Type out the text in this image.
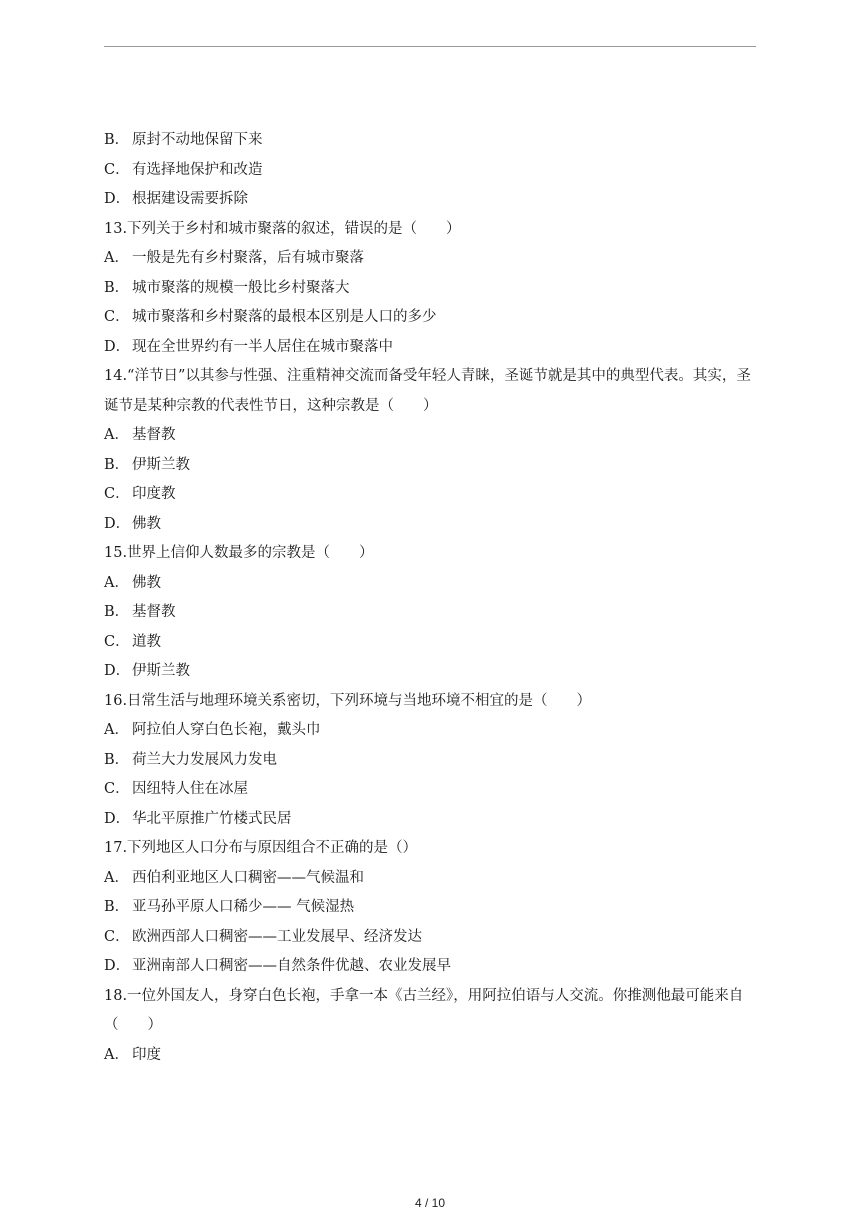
B． 原封不动地保留下来
C． 有选择地保护和改造
D． 根据建设需要拆除
13.下列关于乡村和城市聚落的叙述，错误的是（　　）
A． 一般是先有乡村聚落，后有城市聚落
B． 城市聚落的规模一般比乡村聚落大
C． 城市聚落和乡村聚落的最根本区别是人口的多少
D． 现在全世界约有一半人居住在城市聚落中
14.“洋节日”以其参与性强、注重精神交流而备受年轻人青睐，圣诞节就是其中的典型代表。其实，圣诞节是某种宗教的代表性节日，这种宗教是（　　）
A． 基督教
B． 伊斯兰教
C． 印度教
D． 佛教
15.世界上信仰人数最多的宗教是（　　）
A． 佛教
B． 基督教
C． 道教
D． 伊斯兰教
16.日常生活与地理环境关系密切，下列环境与当地环境不相宜的是（　　）
A． 阿拉伯人穿白色长袍，戴头巾
B． 荷兰大力发展风力发电
C． 因纽特人住在冰屋
D． 华北平原推广竹楼式民居
17.下列地区人口分布与原因组合不正确的是（）
A． 西伯利亚地区人口稠密——气候温和
B． 亚马孙平原人口稀少—— 气候湿热
C． 欧洲西部人口稠密——工业发展早、经济发达
D． 亚洲南部人口稠密——自然条件优越、农业发展早
18.一位外国友人，身穿白色长袍，手拿一本《古兰经》，用阿拉伯语与人交流。你推测他最可能来自（　　）
A． 印度
4 / 10
